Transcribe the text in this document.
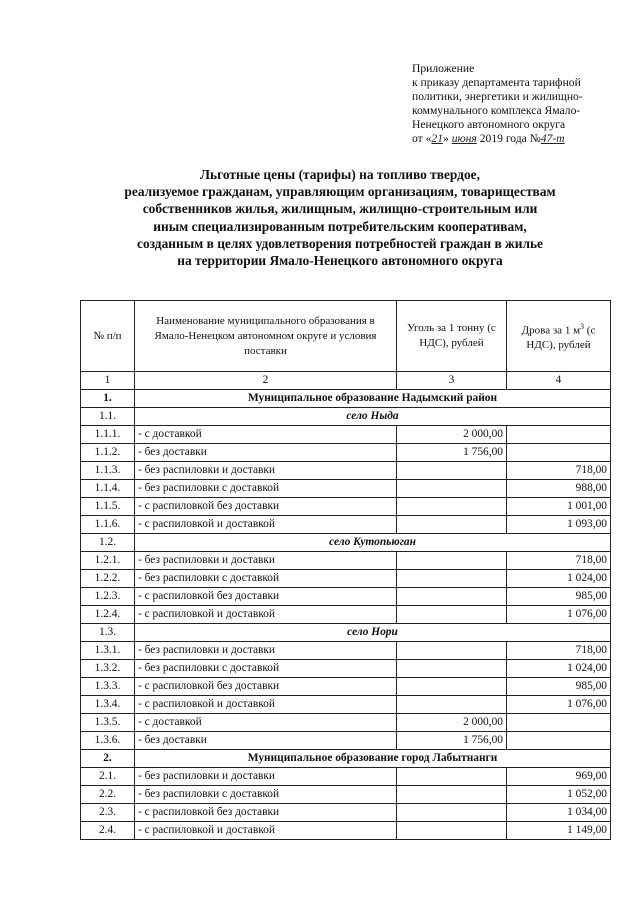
Приложение
к приказу департамента тарифной
политики, энергетики и жилищно-
коммунального комплекса Ямало-
Ненецкого автономного округа
от «21» июня 2019 года №47-т
Льготные цены (тарифы) на топливо твердое,
реализуемое гражданам, управляющим организациям, товариществам
собственников жилья, жилищным, жилищно-строительным или
иным специализированным потребительским кооперативам,
созданным в целях удовлетворения потребностей граждан в жилье
на территории Ямало-Ненецкого автономного округа
№ п/п	Наименование муниципального образования в Ямало-Ненецком автономном округе и условия поставки	Уголь за 1 тонну (с НДС), рублей	Дрова за 1 $м^3$ (с НДС), рублей
1	2	3	4
1.	Муниципальное образование Надымский район		
1.1.	село Ныда		
1.1.1.	- с доставкой	2 000,00	
1.1.2.	- без доставки	1 756,00	
1.1.3.	- без распиловки и доставки		718,00
1.1.4.	- без распиловки с доставкой		988,00
1.1.5.	- с распиловкой без доставки		1 001,00
1.1.6.	- с распиловкой и доставкой		1 093,00
1.2.	село Кутопьюган		
1.2.1.	- без распиловки и доставки		718,00
1.2.2.	- без распиловки с доставкой		1 024,00
1.2.3.	- с распиловкой без доставки		985,00
1.2.4.	- с распиловкой и доставкой		1 076,00
1.3.	село Нори		
1.3.1.	- без распиловки и доставки		718,00
1.3.2.	- без распиловки с доставкой		1 024,00
1.3.3.	- с распиловкой без доставки		985,00
1.3.4.	- с распиловкой и доставкой		1 076,00
1.3.5.	- с доставкой	2 000,00	
1.3.6.	- без доставки	1 756,00	
2.	Муниципальное образование город Лабытнанги		
2.1.	- без распиловки и доставки		969,00
2.2.	- без распиловки с доставкой		1 052,00
2.3.	- с распиловкой без доставки		1 034,00
2.4.	- с распиловкой и доставкой		1 149,00
